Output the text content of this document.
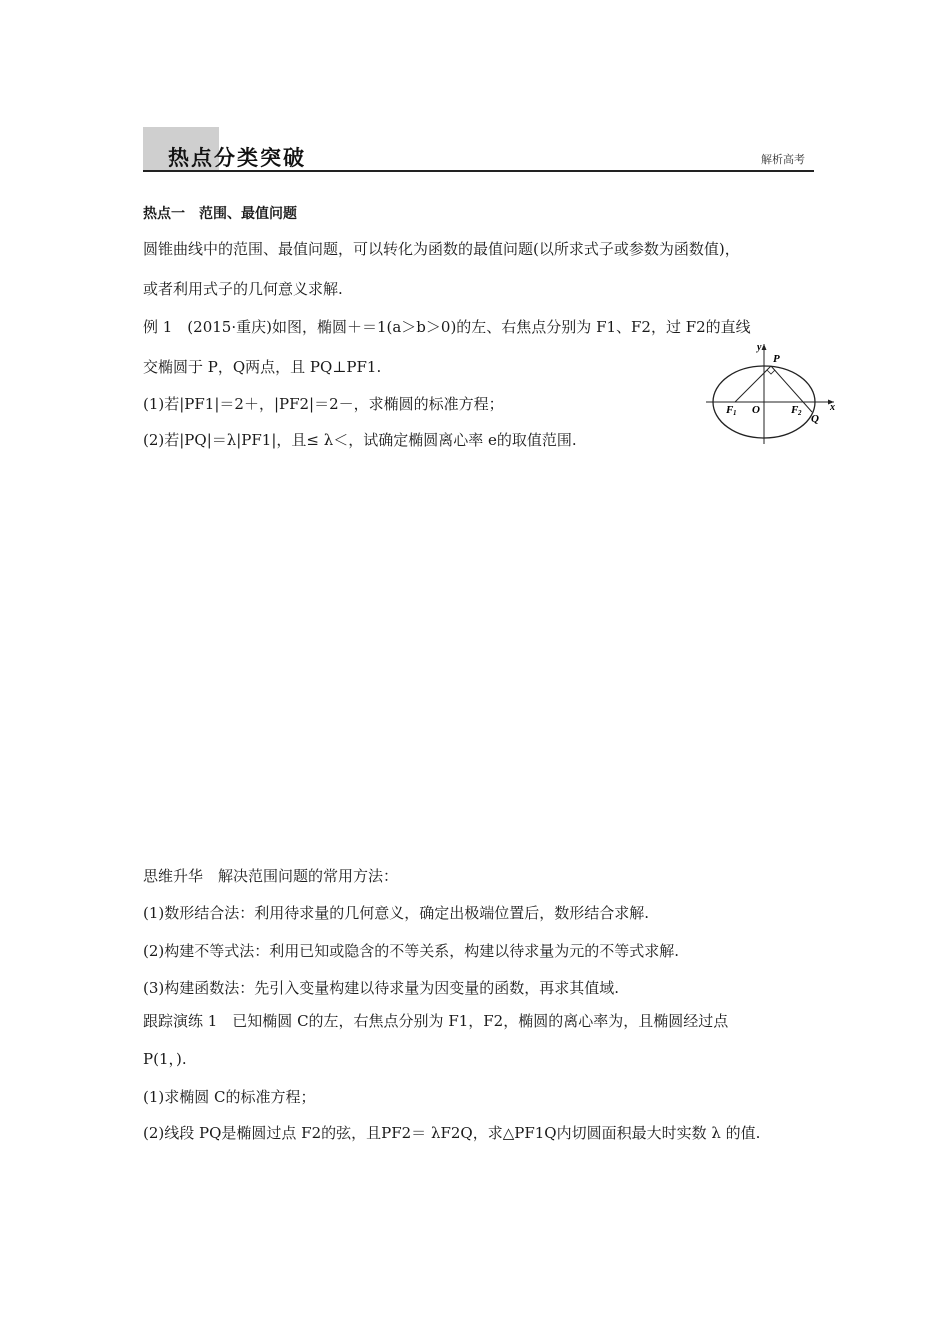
热点分类突破	解析高考
热点一　范围、最值问题
圆锥曲线中的范围、最值问题，可以转化为函数的最值问题(以所求式子或参数为函数值)，
或者利用式子的几何意义求解.
例 1　(2015·重庆)如图，椭圆＋＝1(a＞b＞0)的左、右焦点分别为 F1、F2，过 F2的直线
交椭圆于 P，Q两点，且 PQ⊥PF1.
(1)若|PF1|＝2＋，|PF2|＝2－，求椭圆的标准方程；
(2)若|PQ|＝λ|PF1|，且≤ λ＜，试确定椭圆离心率 e的取值范围.
y
x
P
Q
O
F 1	F 2
思维升华　解决范围问题的常用方法：
(1)数形结合法：利用待求量的几何意义，确定出极端位置后，数形结合求解.
(2)构建不等式法：利用已知或隐含的不等关系，构建以待求量为元的不等式求解.
(3)构建函数法：先引入变量构建以待求量为因变量的函数，再求其值域.
跟踪演练 1　已知椭圆 C的左，右焦点分别为 F1，F2，椭圆的离心率为，且椭圆经过点
P(1，).
(1)求椭圆 C的标准方程；
(2)线段 PQ是椭圆过点 F2的弦，且PF2＝ λF2Q，求△PF1Q内切圆面积最大时实数 λ 的值.
